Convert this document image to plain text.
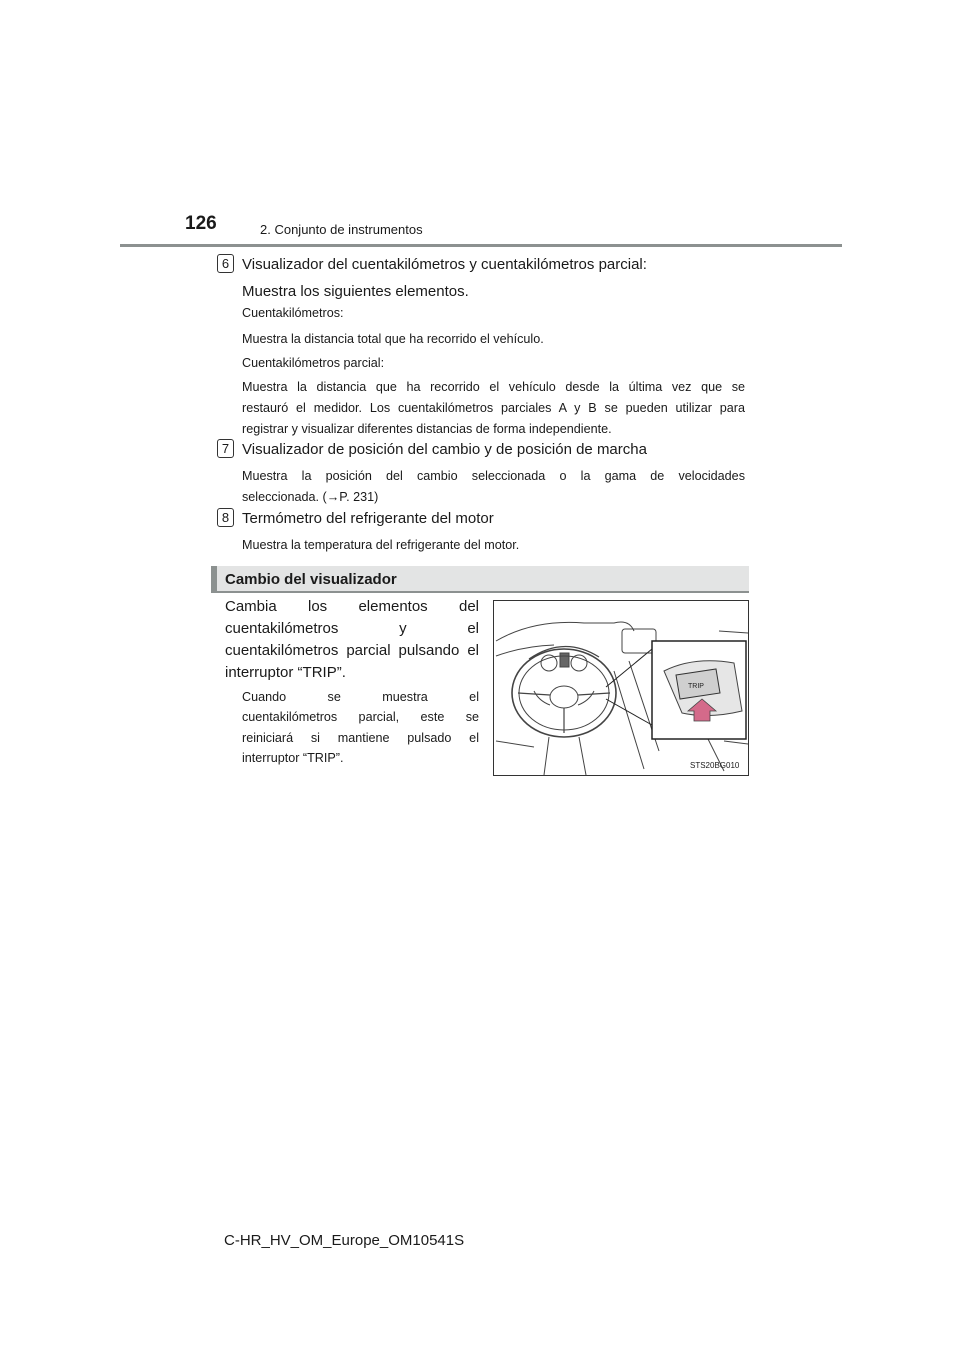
126	2. Conjunto de instrumentos
6 Visualizador del cuentakilómetros y cuentakilómetros parcial:
Muestra los siguientes elementos.
Cuentakilómetros:
Muestra la distancia total que ha recorrido el vehículo.
Cuentakilómetros parcial:
Muestra la distancia que ha recorrido el vehículo desde la última vez que se
restauró el medidor. Los cuentakilómetros parciales A y B se pueden utilizar para
registrar y visualizar diferentes distancias de forma independiente.
7 Visualizador de posición del cambio y de posición de marcha
Muestra la posición del cambio seleccionada o la gama de velocidades
seleccionada. (→P. 231)
8 Termómetro del refrigerante del motor
Muestra la temperatura del refrigerante del motor.
Cambio del visualizador
Cambia los elementos del
cuentakilómetros y el
cuentakilómetros parcial pulsando el
interruptor “TRIP”.
Cuando se muestra el
cuentakilómetros parcial, este se
reiniciará si mantiene pulsado el
interruptor “TRIP”.
TRIP
STS20BG010
C-HR_HV_OM_Europe_OM10541S
